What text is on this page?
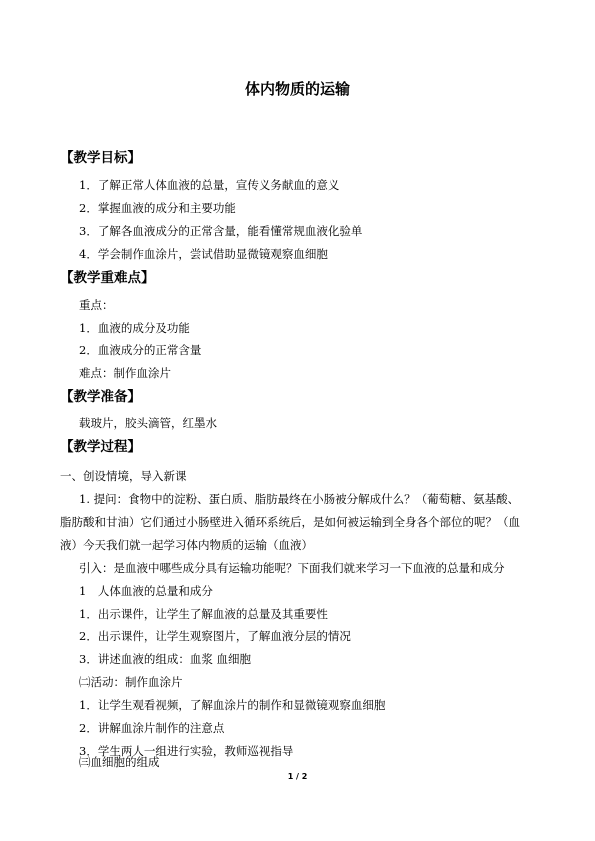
体内物质的运输
【教学目标】
1．了解正常人体血液的总量，宣传义务献血的意义
2．掌握血液的成分和主要功能
3．了解各血液成分的正常含量，能看懂常规血液化验单
4．学会制作血涂片，尝试借助显微镜观察血细胞
【教学重难点】
重点：
1．血液的成分及功能
2．血液成分的正常含量
难点：制作血涂片
【教学准备】
载玻片，胶头滴管，红墨水
【教学过程】
一、创设情境，导入新课
1. 提问：食物中的淀粉、蛋白质、脂肪最终在小肠被分解成什么？（葡萄糖、氨基酸、
脂肪酸和甘油）它们通过小肠壁进入循环系统后，是如何被运输到全身各个部位的呢？（血
液）今天我们就一起学习体内物质的运输（血液）
引入：是血液中哪些成分具有运输功能呢？下面我们就来学习一下血液的总量和成分
1　人体血液的总量和成分
1．出示课件，让学生了解血液的总量及其重要性
2．出示课件，让学生观察图片，了解血液分层的情况
3．讲述血液的组成：血浆 血细胞
㈡活动：制作血涂片
1．让学生观看视频，了解血涂片的制作和显微镜观察血细胞
2．讲解血涂片制作的注意点
3．学生两人一组进行实验，教师巡视指导
㈢血细胞的组成
1 / 2
